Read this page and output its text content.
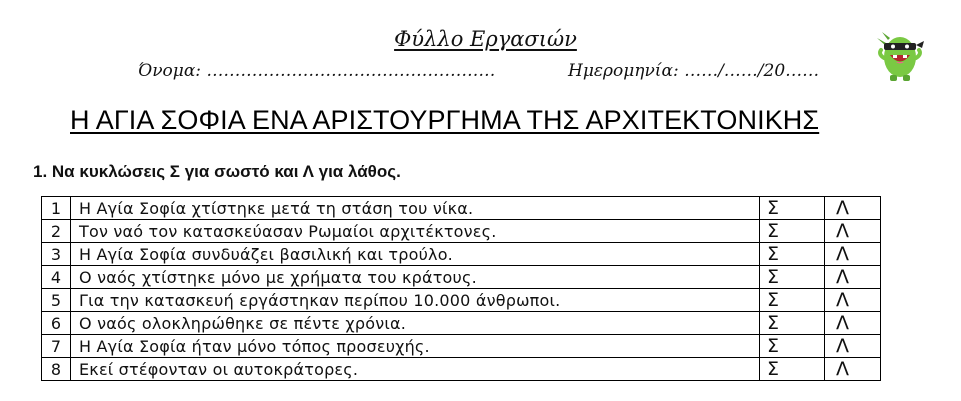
Φύλλο Εργασιών
Όνομα: ……………………………………………	Ημερομηνία: ……/……/20……
Η ΑΓΙΑ ΣΟΦΙΑ ΕΝΑ ΑΡΙΣΤΟΥΡΓΗΜΑ ΤΗΣ ΑΡΧΙΤΕΚΤΟΝΙΚΗΣ
1. Να κυκλώσεις Σ για σωστό και Λ για λάθος.
1	Η Αγία Σοφία χτίστηκε μετά τη στάση του νίκα.	Σ	Λ
2	Τον ναό τον κατασκεύασαν Ρωμαίοι αρχιτέκτονες.	Σ	Λ
3	Η Αγία Σοφία συνδυάζει βασιλική και τρούλο.	Σ	Λ
4	Ο ναός χτίστηκε μόνο με χρήματα του κράτους.	Σ	Λ
5	Για την κατασκευή εργάστηκαν περίπου 10.000 άνθρωποι.	Σ	Λ
6	Ο ναός ολοκληρώθηκε σε πέντε χρόνια.	Σ	Λ
7	Η Αγία Σοφία ήταν μόνο τόπος προσευχής.	Σ	Λ
8	Εκεί στέφονταν οι αυτοκράτορες.	Σ	Λ
